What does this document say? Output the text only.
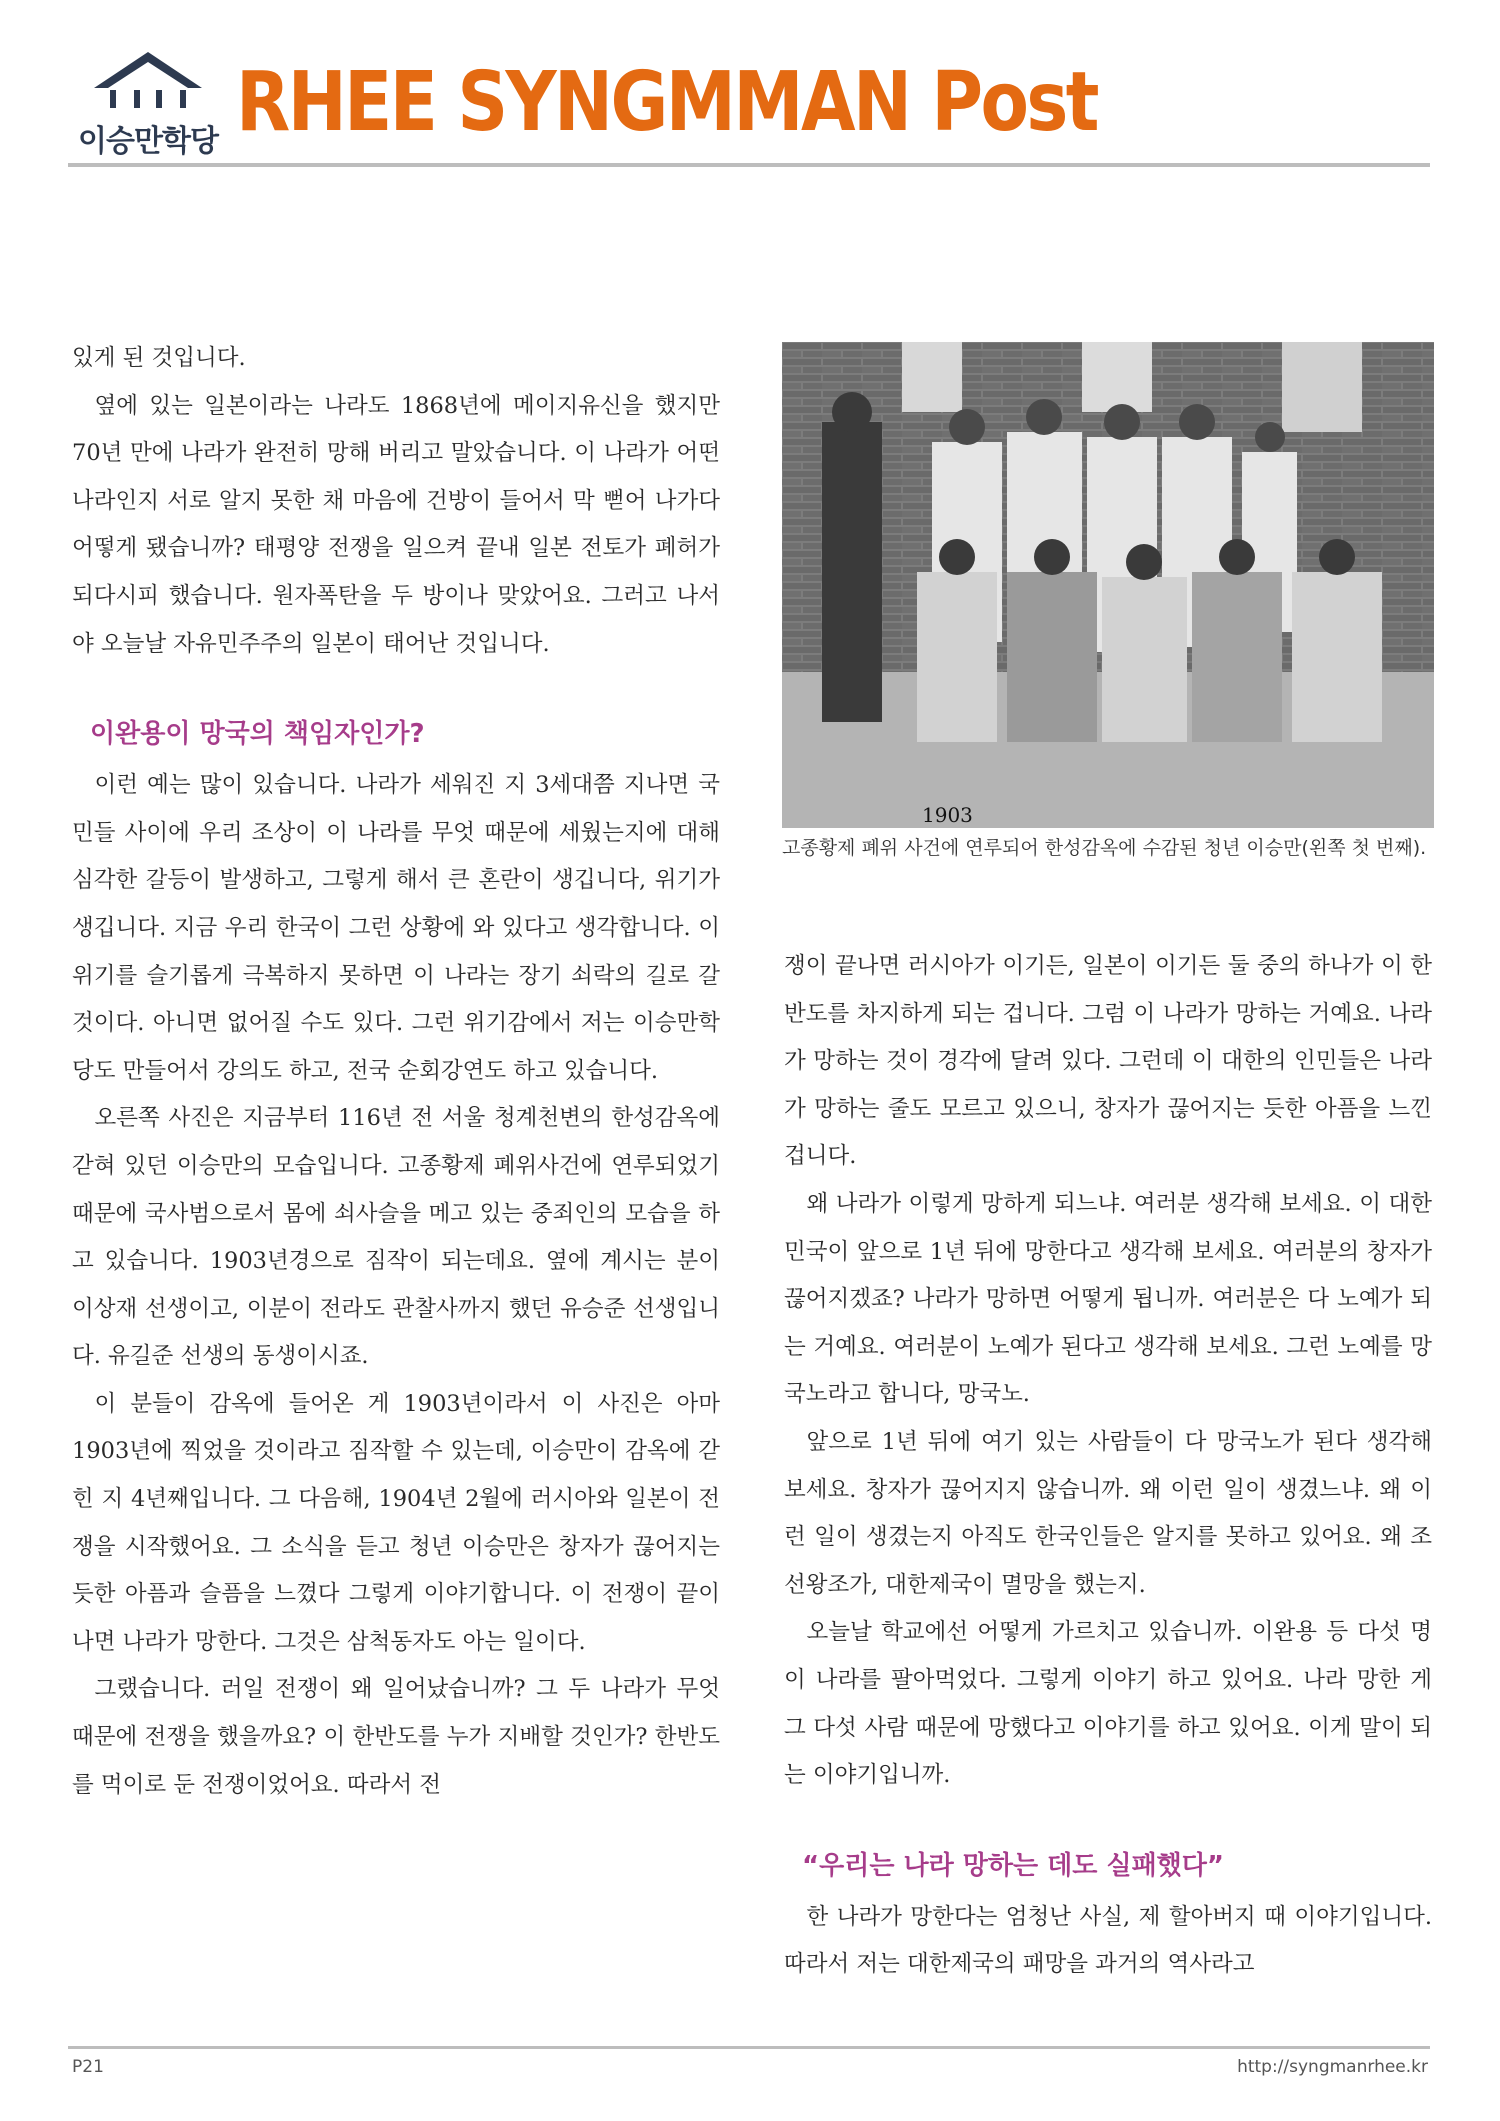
이승만학당 RHEE SYNGMMAN Post

있게 된 것입니다.

옆에 있는 일본이라는 나라도 1868년에 메이지유신을 했지만 70년 만에 나라가 완전히 망해 버리고 말았습니다. 이 나라가 어떤 나라인지 서로 알지 못한 채 마음에 건방이 들어서 막 뻗어 나가다 어떻게 됐습니까? 태평양 전쟁을 일으켜 끝내 일본 전토가 폐허가 되다시피 했습니다. 원자폭탄을 두 방이나 맞았어요. 그러고 나서야 오늘날 자유민주주의 일본이 태어난 것입니다.

이완용이 망국의 책임자인가?

이런 예는 많이 있습니다. 나라가 세워진 지 3세대쯤 지나면 국민들 사이에 우리 조상이 이 나라를 무엇 때문에 세웠는지에 대해 심각한 갈등이 발생하고, 그렇게 해서 큰 혼란이 생깁니다, 위기가 생깁니다. 지금 우리 한국이 그런 상황에 와 있다고 생각합니다. 이 위기를 슬기롭게 극복하지 못하면 이 나라는 장기 쇠락의 길로 갈 것이다. 아니면 없어질 수도 있다. 그런 위기감에서 저는 이승만학당도 만들어서 강의도 하고, 전국 순회강연도 하고 있습니다.

오른쪽 사진은 지금부터 116년 전 서울 청계천변의 한성감옥에 갇혀 있던 이승만의 모습입니다. 고종황제 폐위사건에 연루되었기 때문에 국사범으로서 몸에 쇠사슬을 메고 있는 중죄인의 모습을 하고 있습니다. 1903년경으로 짐작이 되는데요. 옆에 계시는 분이 이상재 선생이고, 이분이 전라도 관찰사까지 했던 유승준 선생입니다. 유길준 선생의 동생이시죠.

이 분들이 감옥에 들어온 게 1903년이라서 이 사진은 아마 1903년에 찍었을 것이라고 짐작할 수 있는데, 이승만이 감옥에 갇힌 지 4년째입니다. 그 다음해, 1904년 2월에 러시아와 일본이 전쟁을 시작했어요. 그 소식을 듣고 청년 이승만은 창자가 끊어지는 듯한 아픔과 슬픔을 느꼈다 그렇게 이야기합니다. 이 전쟁이 끝이 나면 나라가 망한다. 그것은 삼척동자도 아는 일이다.

그랬습니다. 러일 전쟁이 왜 일어났습니까? 그 두 나라가 무엇 때문에 전쟁을 했을까요? 이 한반도를 누가 지배할 것인가? 한반도를 먹이로 둔 전쟁이었어요. 따라서 전

1903
고종황제 폐위 사건에 연루되어 한성감옥에 수감된 청년 이승만(왼쪽 첫 번째).

쟁이 끝나면 러시아가 이기든, 일본이 이기든 둘 중의 하나가 이 한반도를 차지하게 되는 겁니다. 그럼 이 나라가 망하는 거예요. 나라가 망하는 것이 경각에 달려 있다. 그런데 이 대한의 인민들은 나라가 망하는 줄도 모르고 있으니, 창자가 끊어지는 듯한 아픔을 느낀 겁니다.

왜 나라가 이렇게 망하게 되느냐. 여러분 생각해 보세요. 이 대한민국이 앞으로 1년 뒤에 망한다고 생각해 보세요. 여러분의 창자가 끊어지겠죠? 나라가 망하면 어떻게 됩니까. 여러분은 다 노예가 되는 거예요. 여러분이 노예가 된다고 생각해 보세요. 그런 노예를 망국노라고 합니다, 망국노.

앞으로 1년 뒤에 여기 있는 사람들이 다 망국노가 된다 생각해 보세요. 창자가 끊어지지 않습니까. 왜 이런 일이 생겼느냐. 왜 이런 일이 생겼는지 아직도 한국인들은 알지를 못하고 있어요. 왜 조선왕조가, 대한제국이 멸망을 했는지.

오늘날 학교에선 어떻게 가르치고 있습니까. 이완용 등 다섯 명이 나라를 팔아먹었다. 그렇게 이야기 하고 있어요. 나라 망한 게 그 다섯 사람 때문에 망했다고 이야기를 하고 있어요. 이게 말이 되는 이야기입니까.

“우리는 나라 망하는 데도 실패했다”

한 나라가 망한다는 엄청난 사실, 제 할아버지 때 이야기입니다. 따라서 저는 대한제국의 패망을 과거의 역사라고

P21	http://syngmanrhee.kr
